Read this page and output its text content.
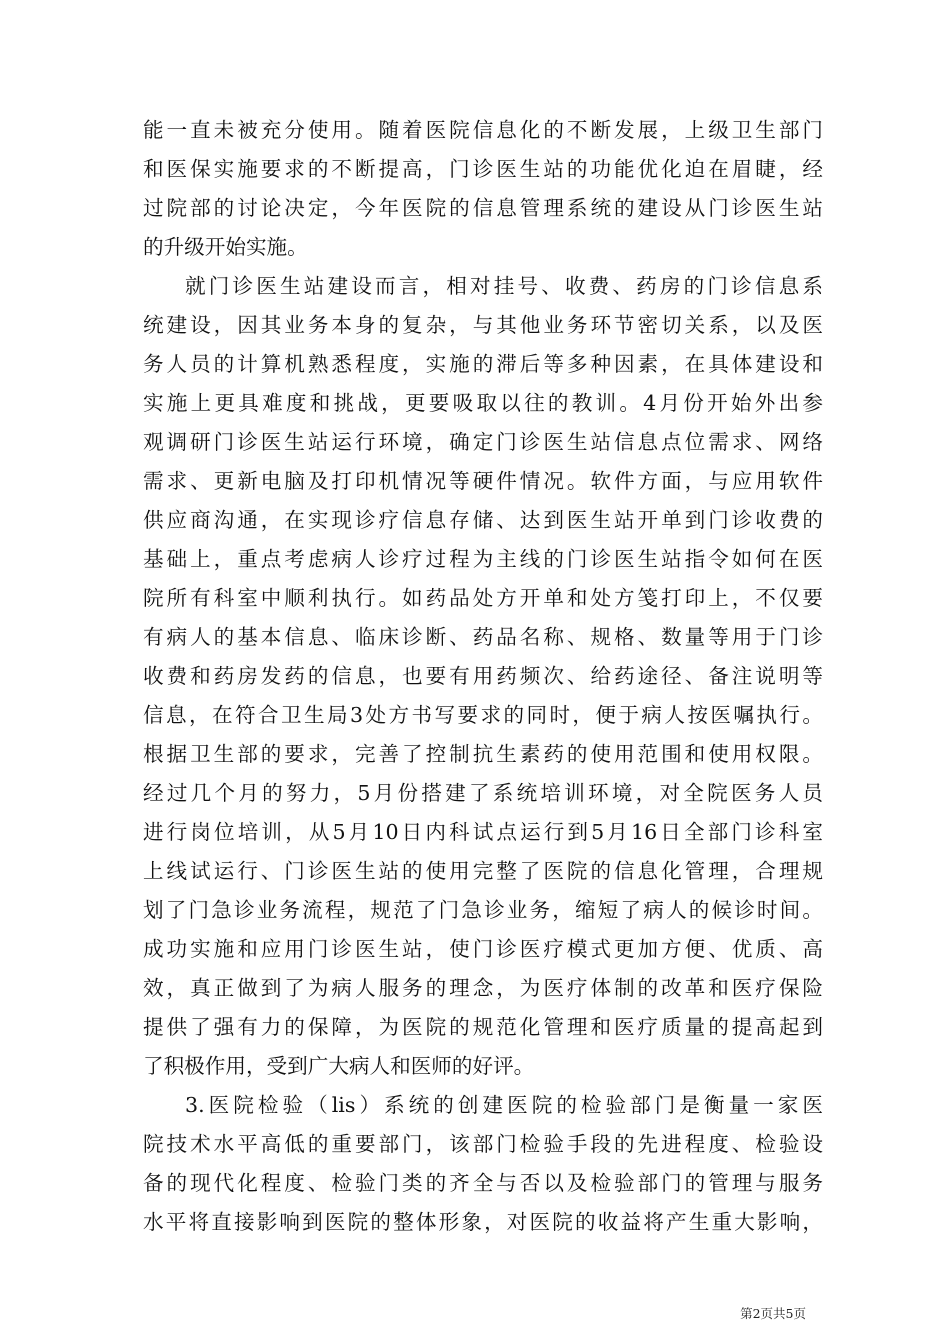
能一直未被充分使用。随着医院信息化的不断发展，上级卫生部门
和医保实施要求的不断提高，门诊医生站的功能优化迫在眉睫，经
过院部的讨论决定，今年医院的信息管理系统的建设从门诊医生站
的升级开始实施。
就门诊医生站建设而言，相对挂号、收费、药房的门诊信息系
统建设，因其业务本身的复杂，与其他业务环节密切关系，以及医
务人员的计算机熟悉程度，实施的滞后等多种因素，在具体建设和
实施上更具难度和挑战，更要吸取以往的教训。4月份开始外出参
观调研门诊医生站运行环境，确定门诊医生站信息点位需求、网络
需求、更新电脑及打印机情况等硬件情况。软件方面，与应用软件
供应商沟通，在实现诊疗信息存储、达到医生站开单到门诊收费的
基础上，重点考虑病人诊疗过程为主线的门诊医生站指令如何在医
院所有科室中顺利执行。如药品处方开单和处方笺打印上，不仅要
有病人的基本信息、临床诊断、药品名称、规格、数量等用于门诊
收费和药房发药的信息，也要有用药频次、给药途径、备注说明等
信息，在符合卫生局3处方书写要求的同时，便于病人按医嘱执行。
根据卫生部的要求，完善了控制抗生素药的使用范围和使用权限。
经过几个月的努力，5月份搭建了系统培训环境，对全院医务人员
进行岗位培训，从5月10日内科试点运行到5月16日全部门诊科室
上线试运行、门诊医生站的使用完整了医院的信息化管理，合理规
划了门急诊业务流程，规范了门急诊业务，缩短了病人的候诊时间。
成功实施和应用门诊医生站，使门诊医疗模式更加方便、优质、高
效，真正做到了为病人服务的理念，为医疗体制的改革和医疗保险
提供了强有力的保障，为医院的规范化管理和医疗质量的提高起到
了积极作用，受到广大病人和医师的好评。
3.医院检验（lis）系统的创建医院的检验部门是衡量一家医
院技术水平高低的重要部门，该部门检验手段的先进程度、检验设
备的现代化程度、检验门类的齐全与否以及检验部门的管理与服务
水平将直接影响到医院的整体形象，对医院的收益将产生重大影响，
第2页共5页
